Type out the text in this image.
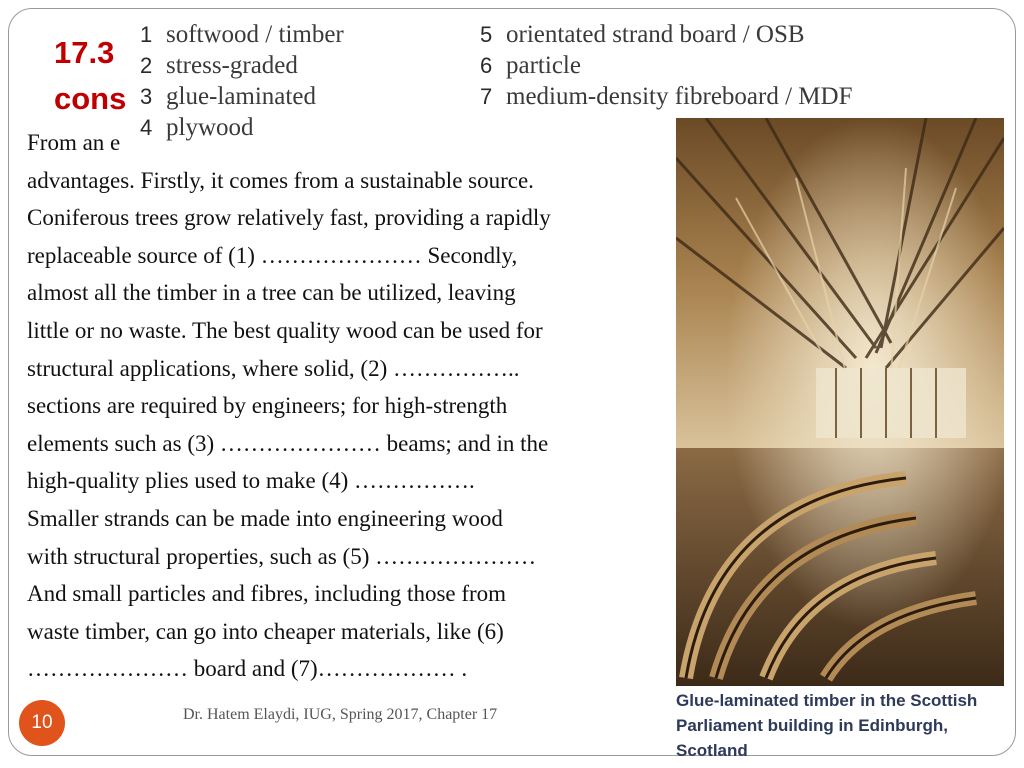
17.3
cons

From an e

advantages. Firstly, it comes from a sustainable source.

Coniferous trees grow relatively fast, providing a rapidly

replaceable source of (1) ………………… Secondly,

almost all the timber in a tree can be utilized, leaving

little or no waste. The best quality wood can be used for

structural applications, where solid, (2) ……………..

sections are required by engineers; for high-strength

elements such as (3) ………………… beams; and in the

high-quality plies used to make (4) …………….

Smaller strands can be made into engineering wood

with structural properties, such as (5) …………………

And small particles and fibres, including those from

waste timber, can go into cheaper materials, like (6)

………………… board and (7)……………… .

1 softwood / timber
2 stress-graded
3 glue-laminated
4 plywood
5 orientated strand board / OSB
6 particle
7 medium-density fibreboard / MDF
Glue-laminated timber in the Scottish
Parliament building in Edinburgh, Scotland
10	Dr. Hatem Elaydi, IUG, Spring 2017, Chapter 17
